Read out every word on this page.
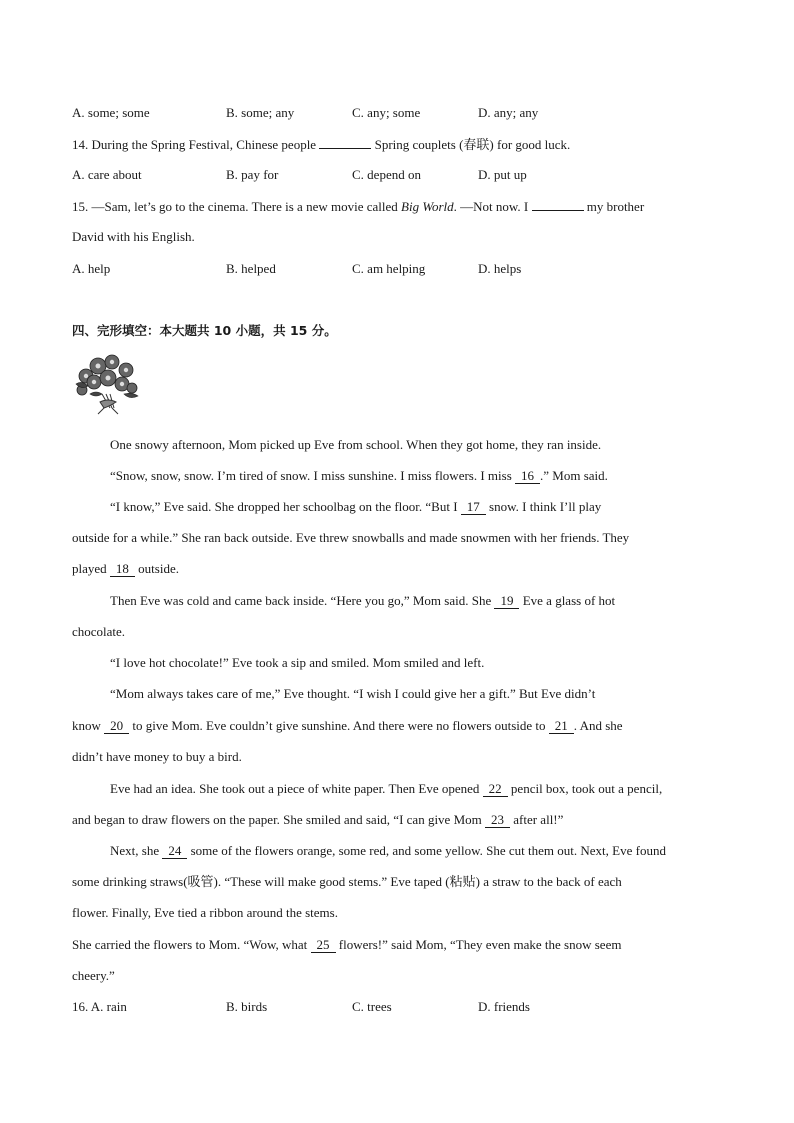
A. some; some	B. some; any	C. any; some	D. any; any
14. During the Spring Festival, Chinese people	Spring couplets (春联) for good luck.
A. care about	B. pay for	C. depend on	D. put up
15. —Sam, let’s go to the cinema. There is a new movie called Big World. —Not now. I	my brother
David with his English.
A. help	B. helped	C. am helping	D. helps
四、完形填空：本大题共 10 小题，共 15 分。
One snowy afternoon, Mom picked up Eve from school. When they got home, they ran inside.
“Snow, snow, snow. I’m tired of snow. I miss sunshine. I miss flowers. I miss 16 .” Mom said.
“I know,” Eve said. She dropped her schoolbag on the floor. “But I 17 snow. I think I’ll play
outside for a while.” She ran back outside. Eve threw snowballs and made snowmen with her friends. They
played 18 outside.
Then Eve was cold and came back inside. “Here you go,” Mom said. She 19 Eve a glass of hot
chocolate.
“I love hot chocolate!” Eve took a sip and smiled. Mom smiled and left.
“Mom always takes care of me,” Eve thought. “I wish I could give her a gift.” But Eve didn’t
know 20 to give Mom. Eve couldn’t give sunshine. And there were no flowers outside to 21 . And she
didn’t have money to buy a bird.
Eve had an idea. She took out a piece of white paper. Then Eve opened 22 pencil box, took out a pencil,
and began to draw flowers on the paper. She smiled and said, “I can give Mom 23 after all!”
Next, she 24 some of the flowers orange, some red, and some yellow. She cut them out. Next, Eve found
some drinking straws(吸管). “These will make good stems.” Eve taped (粘贴) a straw to the back of each
flower. Finally, Eve tied a ribbon around the stems.
She carried the flowers to Mom. “Wow, what 25 flowers!” said Mom, “They even make the snow seem
cheery.”
16. A. rain	B. birds	C. trees	D. friends
